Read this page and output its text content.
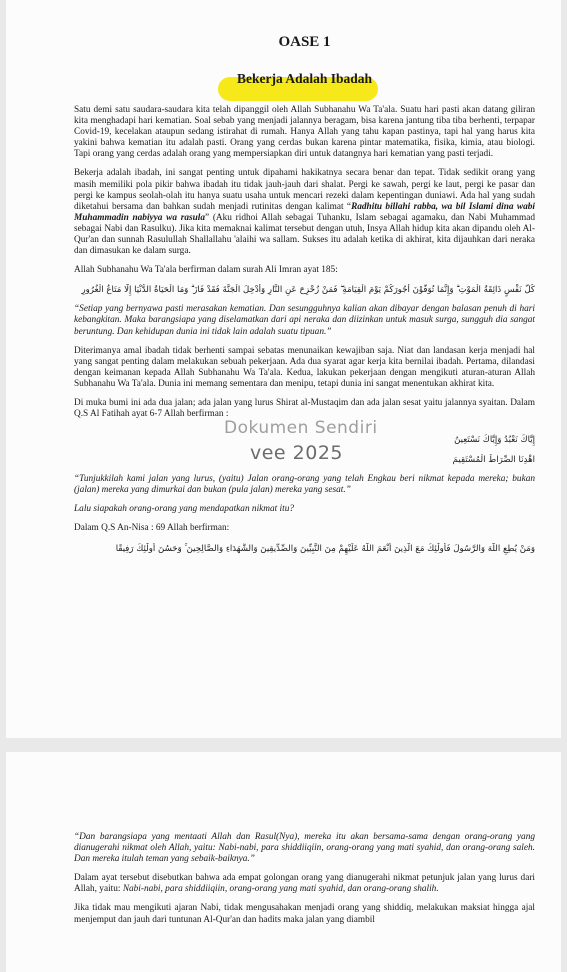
OASE 1
Bekerja Adalah Ibadah

Satu demi satu saudara-saudara kita telah dipanggil oleh Allah Subhanahu Wa Ta'ala. Suatu hari pasti akan datang giliran kita menghadapi hari kematian. Soal sebab yang menjadi jalannya beragam, bisa karena jantung tiba tiba berhenti, terpapar Covid-19, kecelakan ataupun sedang istirahat di rumah. Hanya Allah yang tahu kapan pastinya, tapi hal yang harus kita yakini bahwa kematian itu adalah pasti. Orang yang cerdas bukan karena pintar matematika, fisika, kimia, atau biologi. Tapi orang yang cerdas adalah orang yang mempersiapkan diri untuk datangnya hari kematian yang pasti terjadi.

Bekerja adalah ibadah, ini sangat penting untuk dipahami hakikatnya secara benar dan tepat. Tidak sedikit orang yang masih memiliki pola pikir bahwa ibadah itu tidak jauh-jauh dari shalat. Pergi ke sawah, pergi ke laut, pergi ke pasar dan pergi ke kampus seolah-olah itu hanya suatu usaha untuk mencari rezeki dalam kepentingan duniawi. Ada hal yang sudah diketahui bersama dan bahkan sudah menjadi rutinitas dengan kalimat “Radhitu billahi rabba, wa bil Islami dina wabi Muhammadin nabiyya wa rasula” (Aku ridhoi Allah sebagai Tuhanku, Islam sebagai agamaku, dan Nabi Muhammad sebagai Nabi dan Rasulku). Jika kita memaknai kalimat tersebut dengan utuh, Insya Allah hidup kita akan dipandu oleh Al-Qur'an dan sunnah Rasulullah Shallallahu 'alaihi wa sallam. Sukses itu adalah ketika di akhirat, kita dijauhkan dari neraka dan dimasukan ke dalam surga.

Allah Subhanahu Wa Ta'ala berfirman dalam surah Ali Imran ayat 185:

كُلُّ نَفْسٍ ذَائِقَةُ الْمَوْتِ ۗ وَإِنَّمَا تُوَفَّوْنَ أُجُورَكُمْ يَوْمَ الْقِيَامَةِ ۖ فَمَنْ زُحْزِحَ عَنِ النَّارِ وَأُدْخِلَ الْجَنَّةَ فَقَدْ فَازَ ۗ وَمَا الْحَيَاةُ الدُّنْيَا إِلَّا مَتَاعُ الْغُرُورِ

“Setiap yang bernyawa pasti merasakan kematian. Dan sesungguhnya kalian akan dibayar dengan balasan penuh di hari kebangkitan. Maka barangsiapa yang diselamatkan dari api neraka dan diizinkan untuk masuk surga, sungguh dia sangat beruntung. Dan kehidupan dunia ini tidak lain adalah suatu tipuan.”

Diterimanya amal ibadah tidak berhenti sampai sebatas menunaikan kewajiban saja. Niat dan landasan kerja menjadi hal yang sangat penting dalam melakukan sebuah pekerjaan. Ada dua syarat agar kerja kita bernilai ibadah. Pertama, dilandasi dengan keimanan kepada Allah Subhanahu Wa Ta'ala. Kedua, lakukan pekerjaan dengan mengikuti aturan-aturan Allah Subhanahu Wa Ta'ala. Dunia ini memang sementara dan menipu, tetapi dunia ini sangat menentukan akhirat kita.

Di muka bumi ini ada dua jalan; ada jalan yang lurus Shirat al-Mustaqim dan ada jalan sesat yaitu jalannya syaitan. Dalam Q.S Al Fatihah ayat 6-7 Allah berfirman :

إِيَّاكَ نَعْبُدُ وَإِيَّاكَ نَسْتَعِينُ

اهْدِنَا الصِّرَاطَ الْمُسْتَقِيمَ

“Tunjukkilah kami jalan yang lurus, (yaitu) Jalan orang-orang yang telah Engkau beri nikmat kepada mereka; bukan (jalan) mereka yang dimurkai dan bukan (pula jalan) mereka yang sesat.”

Lalu siapakah orang-orang yang mendapatkan nikmat itu?

Dalam Q.S An-Nisa : 69 Allah berfirman:

وَمَنْ يُطِعِ اللَّهَ وَالرَّسُولَ فَأُولَٰئِكَ مَعَ الَّذِينَ أَنْعَمَ اللَّهُ عَلَيْهِمْ مِنَ النَّبِيِّينَ وَالصِّدِّيقِينَ وَالشُّهَدَاءِ وَالصَّالِحِينَ ۚ وَحَسُنَ أُولَٰئِكَ رَفِيقًا

Dokumen Sendiri
vee 2025

“Dan barangsiapa yang mentaati Allah dan Rasul(Nya), mereka itu akan bersama-sama dengan orang-orang yang dianugerahi nikmat oleh Allah, yaitu: Nabi-nabi, para shiddiiqiin, orang-orang yang mati syahid, dan orang-orang saleh. Dan mereka itulah teman yang sebaik-baiknya.”

Dalam ayat tersebut disebutkan bahwa ada empat golongan orang yang dianugerahi nikmat petunjuk jalan yang lurus dari Allah, yaitu: Nabi-nabi, para shiddiiqiin, orang-orang yang mati syahid, dan orang-orang shalih.

Jika tidak mau mengikuti ajaran Nabi, tidak mengusahakan menjadi orang yang shiddiq, melakukan maksiat hingga ajal menjemput dan jauh dari tuntunan Al-Qur'an dan hadits maka jalan yang diambil
